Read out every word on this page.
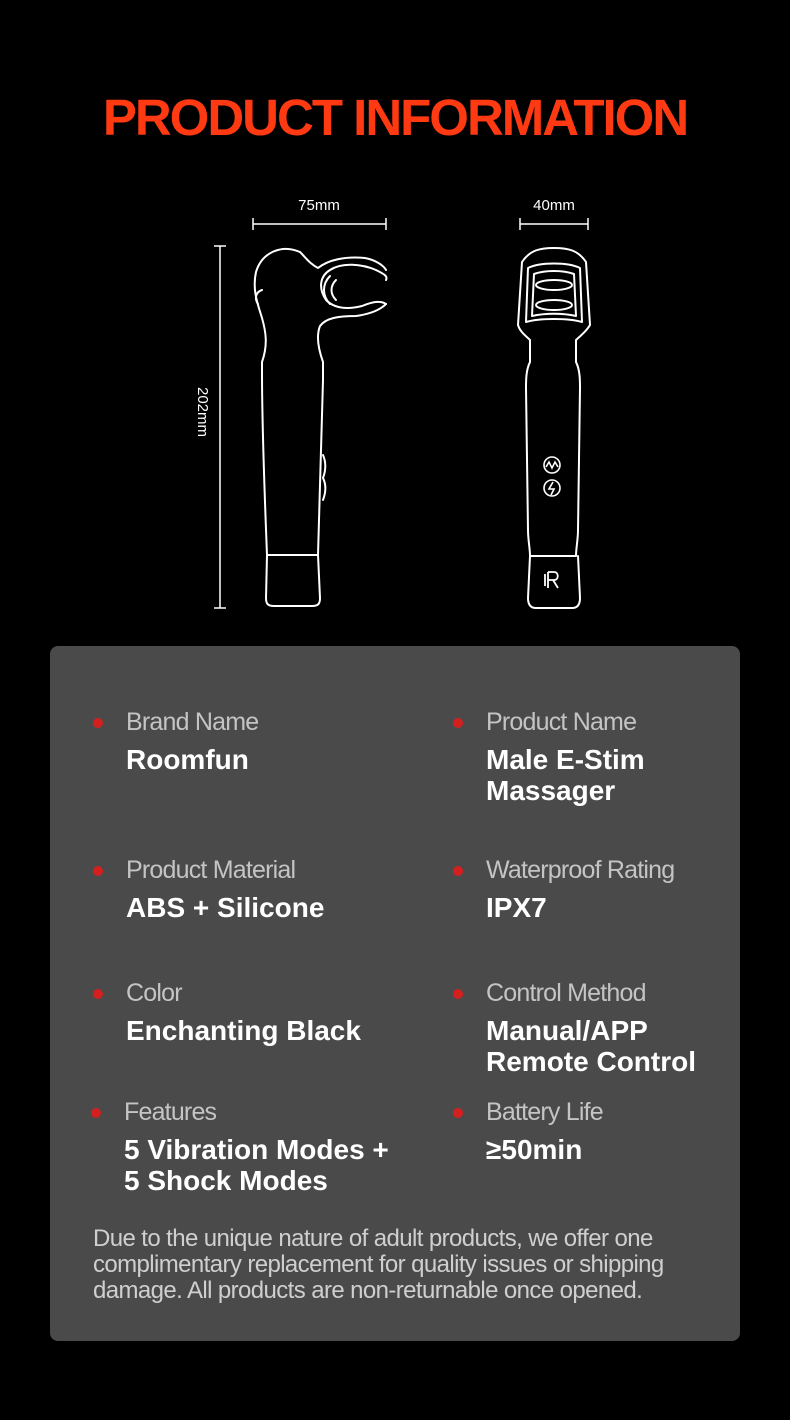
PRODUCT INFORMATION
75mm	40mm
202mm
Brand Name
Roomfun
Product Name
Male E-Stim
Massager
Product Material
ABS + Silicone
Waterproof Rating
IPX7
Color
Enchanting Black
Control Method
Manual/APP
Remote Control
Features
5 Vibration Modes +
5 Shock Modes
Battery Life
≥50min
Due to the unique nature of adult products, we offer one complimentary replacement for quality issues or shipping damage. All products are non-returnable once opened.
